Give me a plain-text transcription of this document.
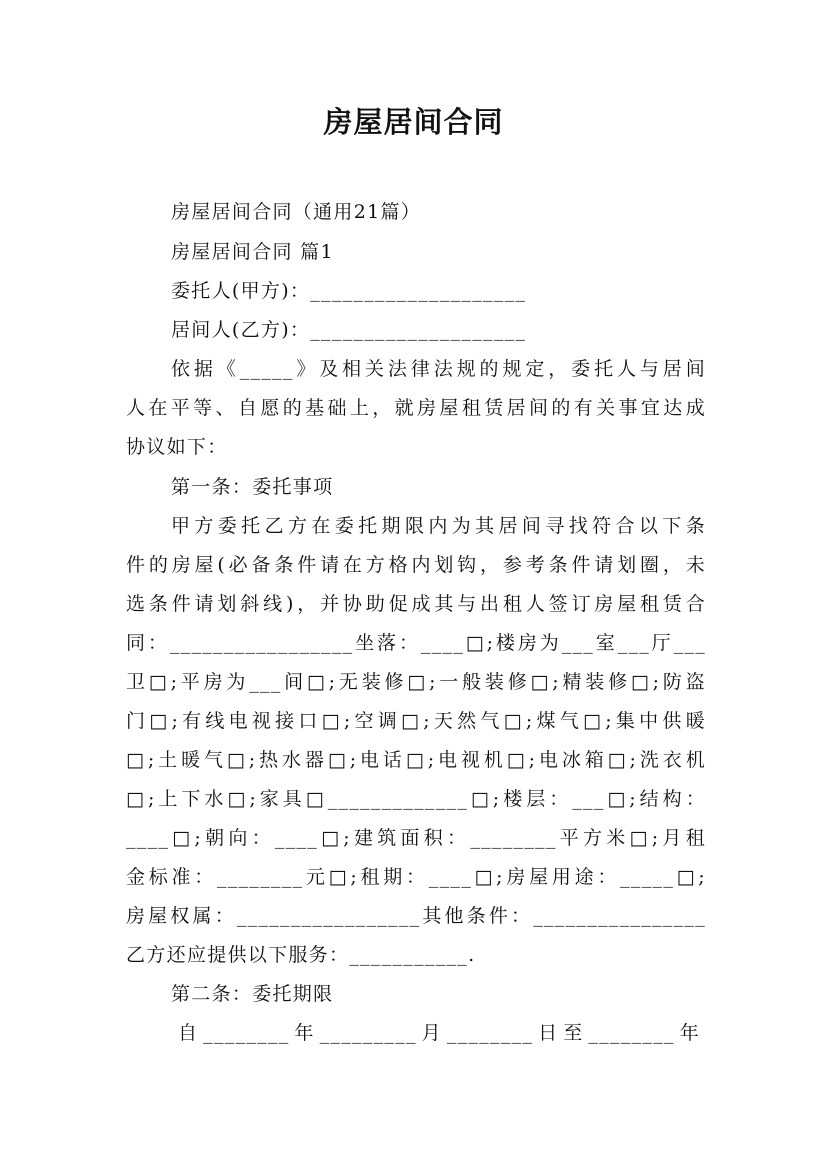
房屋居间合同
房屋居间合同（通用21篇）
房屋居间合同 篇1
委托人(甲方)：____________________
居间人(乙方)：____________________
依据《_____》及相关法律法规的规定，委托人与居间
人在平等、自愿的基础上，就房屋租赁居间的有关事宜达成
协议如下：
第一条：委托事项
甲方委托乙方在委托期限内为其居间寻找符合以下条
件的房屋(必备条件请在方格内划钩，参考条件请划圈，未
选条件请划斜线)，并协助促成其与出租人签订房屋租赁合
同：_________________坐落：____□;楼房为___室___厅___
卫□;平房为___间□;无装修□;一般装修□;精装修□;防盗
门□;有线电视接口□;空调□;天然气□;煤气□;集中供暖
□;土暖气□;热水器□;电话□;电视机□;电冰箱□;洗衣机
□;上下水□;家具□_____________□;楼层：___□;结构：
____□;朝向：____□;建筑面积：________平方米□;月租
金标准：________元□;租期：____□;房屋用途：_____□;
房屋权属：_________________其他条件：________________
乙方还应提供以下服务：___________.
第二条：委托期限
自________年_________月________日至________年
